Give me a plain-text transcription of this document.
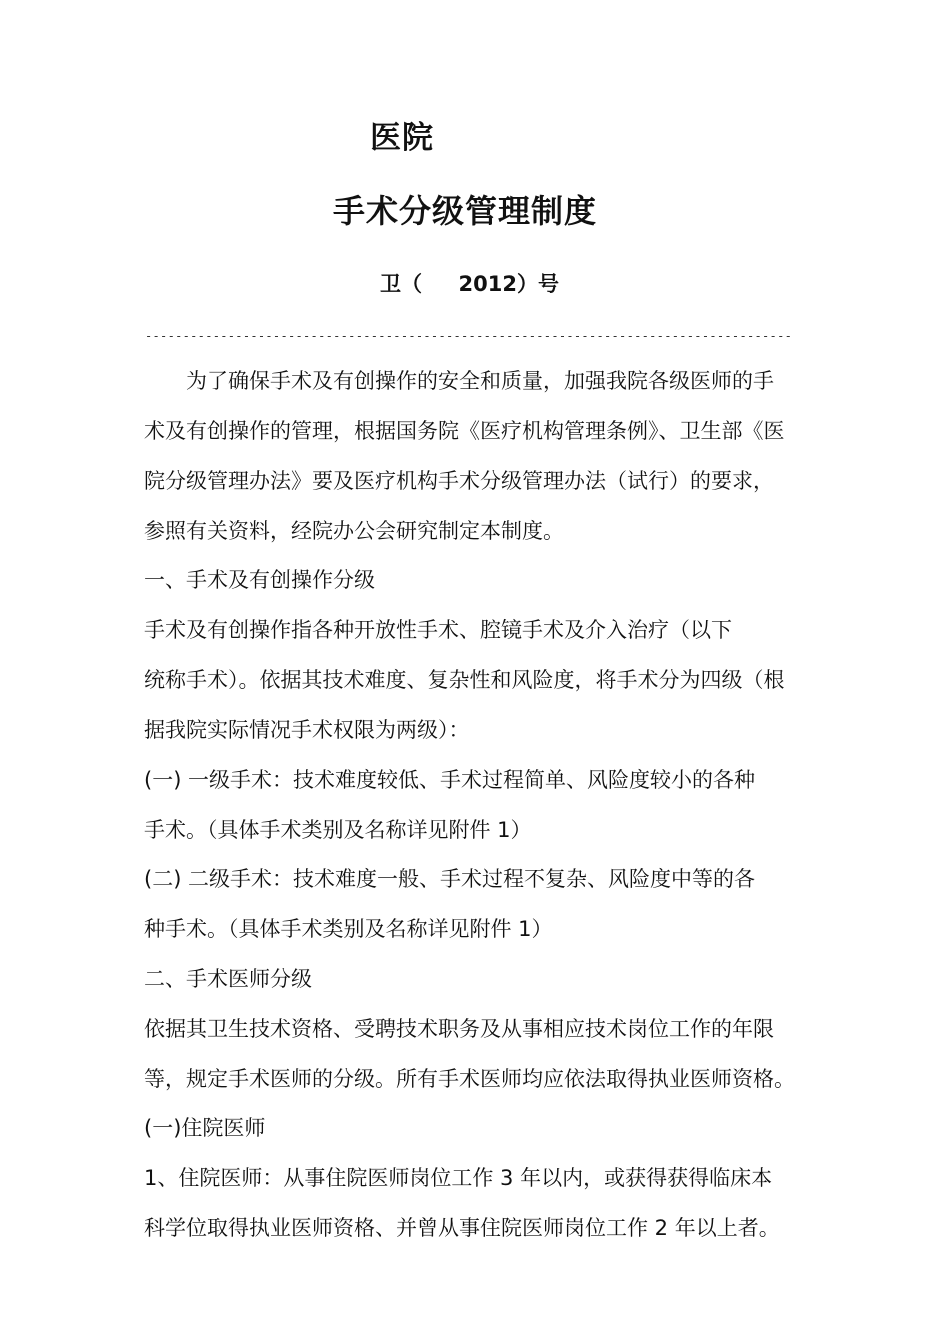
医院
手术分级管理制度
卫（     2012）号
--------------------------------------------------------------------------------------
　　为了确保手术及有创操作的安全和质量，加强我院各级医师的手
术及有创操作的管理，根据国务院《医疗机构管理条例》、卫生部《医
院分级管理办法》要及医疗机构手术分级管理办法（试行）的要求，
参照有关资料，经院办公会研究制定本制度。
一、手术及有创操作分级
手术及有创操作指各种开放性手术、腔镜手术及介入治疗（以下
统称手术）。依据其技术难度、复杂性和风险度，将手术分为四级（根
据我院实际情况手术权限为两级）：
(一) 一级手术：技术难度较低、手术过程简单、风险度较小的各种
手术。（具体手术类别及名称详见附件 1）
(二) 二级手术：技术难度一般、手术过程不复杂、风险度中等的各
种手术。（具体手术类别及名称详见附件 1）
二、手术医师分级
依据其卫生技术资格、受聘技术职务及从事相应技术岗位工作的年限
等，规定手术医师的分级。所有手术医师均应依法取得执业医师资格。
(一)住院医师
1、住院医师：从事住院医师岗位工作 3 年以内，或获得获得临床本
科学位取得执业医师资格、并曾从事住院医师岗位工作 2 年以上者。
